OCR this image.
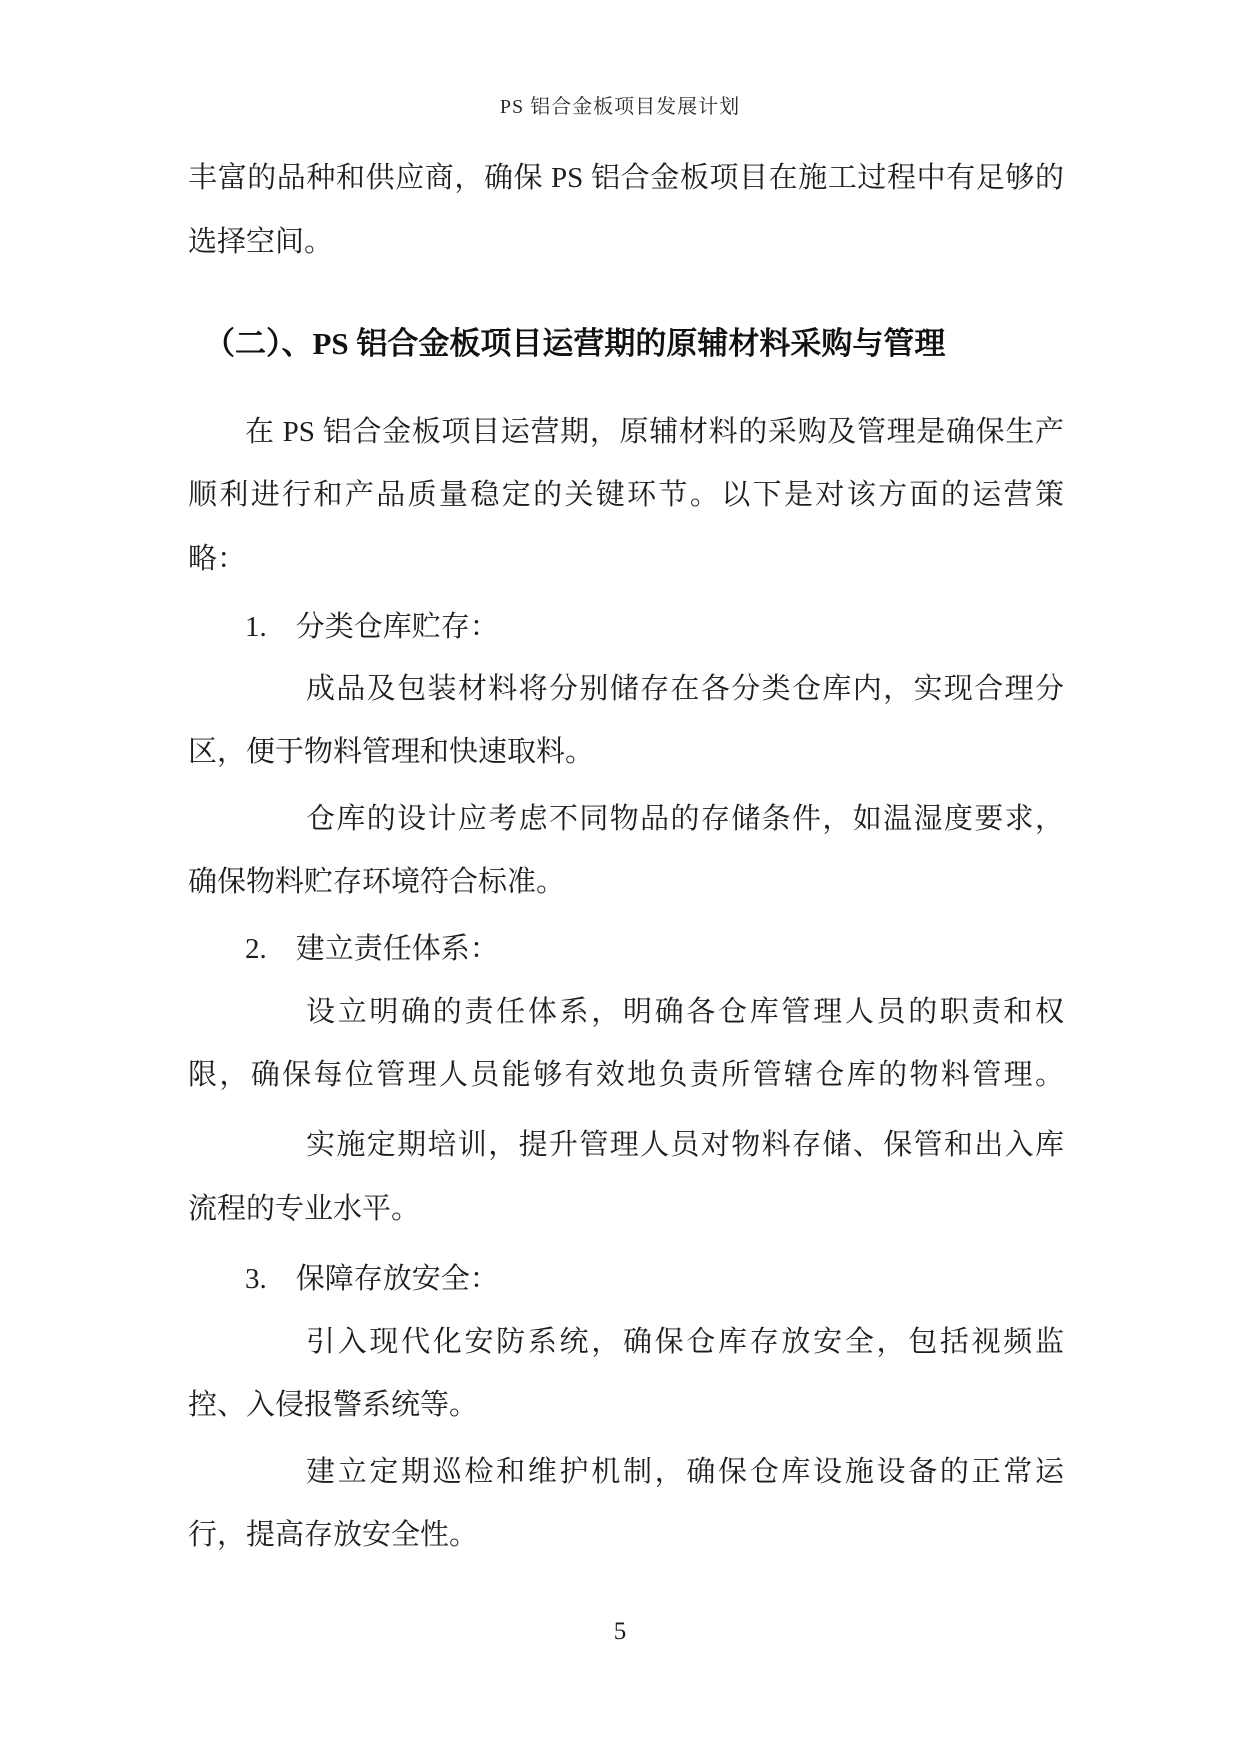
PS 铝合金板项目发展计划
丰富的品种和供应商，确保 PS 铝合金板项目在施工过程中有足够的
选择空间。
（二）、PS 铝合金板项目运营期的原辅材料采购与管理
在 PS 铝合金板项目运营期，原辅材料的采购及管理是确保生产
顺利进行和产品质量稳定的关键环节。以下是对该方面的运营策
略：
1.　分类仓库贮存：
成品及包装材料将分别储存在各分类仓库内，实现合理分
区，便于物料管理和快速取料。
仓库的设计应考虑不同物品的存储条件，如温湿度要求，
确保物料贮存环境符合标准。
2.　建立责任体系：
设立明确的责任体系，明确各仓库管理人员的职责和权
限，确保每位管理人员能够有效地负责所管辖仓库的物料管理。
实施定期培训，提升管理人员对物料存储、保管和出入库
流程的专业水平。
3.　保障存放安全：
引入现代化安防系统，确保仓库存放安全，包括视频监
控、入侵报警系统等。
建立定期巡检和维护机制，确保仓库设施设备的正常运
行，提高存放安全性。
5
